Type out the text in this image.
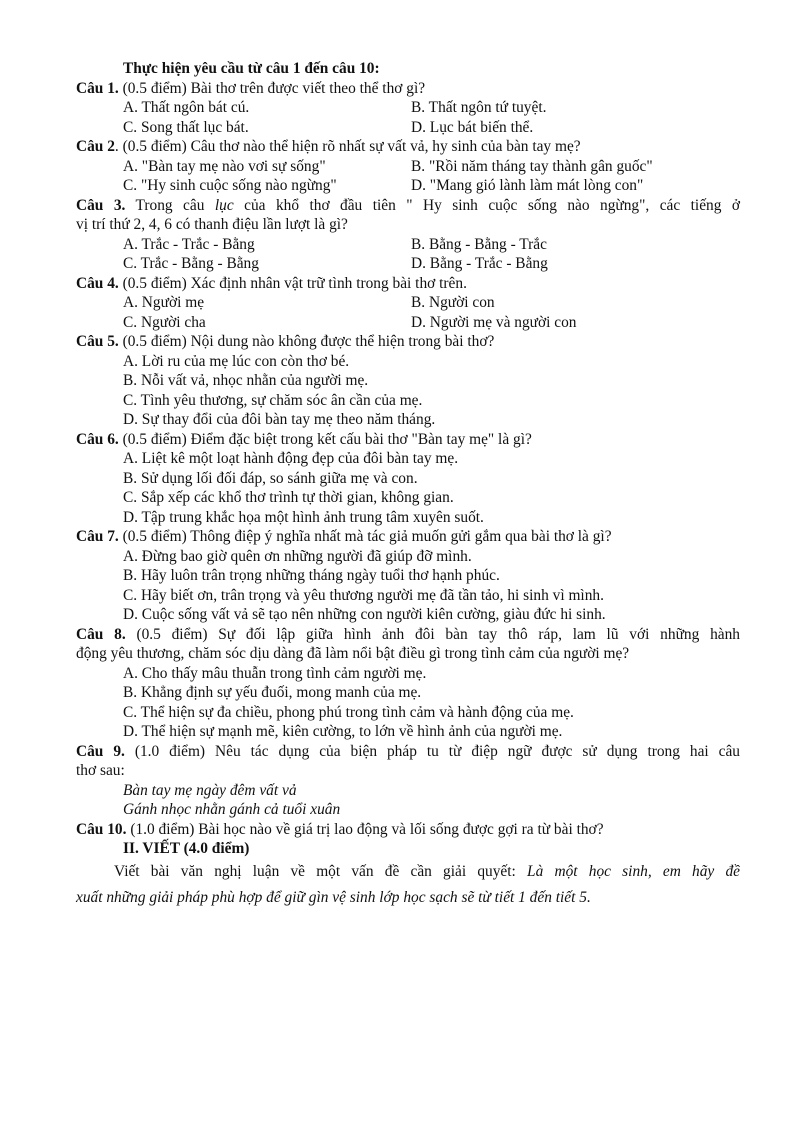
Thực hiện yêu cầu từ câu 1 đến câu 10:
Câu 1. (0.5 điểm) Bài thơ trên được viết theo thể thơ gì?
A. Thất ngôn bát cú.	B. Thất ngôn tứ tuyệt.
C. Song thất lục bát.	D. Lục bát biến thể.
Câu 2. (0.5 điểm) Câu thơ nào thể hiện rõ nhất sự vất vả, hy sinh của bàn tay mẹ?
A. "Bàn tay mẹ nào vơi sự sống"	B. "Rồi năm tháng tay thành gân guốc"
C. "Hy sinh cuộc sống nào ngừng"	D. "Mang gió lành làm mát lòng con"
Câu 3. Trong câu lục của khổ thơ đầu tiên " Hy sinh cuộc sống nào ngừng", các tiếng ở
vị trí thứ 2, 4, 6 có thanh điệu lần lượt là gì?
A. Trắc - Trắc - Bằng	B. Bằng - Bằng - Trắc
C. Trắc - Bằng - Bằng	D. Bằng - Trắc - Bằng
Câu 4. (0.5 điểm) Xác định nhân vật trữ tình trong bài thơ trên.
A. Người mẹ	B. Người con
C. Người cha	D. Người mẹ và người con
Câu 5. (0.5 điểm) Nội dung nào không được thể hiện trong bài thơ?
A. Lời ru của mẹ lúc con còn thơ bé.
B. Nỗi vất vả, nhọc nhằn của người mẹ.
C. Tình yêu thương, sự chăm sóc ân cần của mẹ.
D. Sự thay đổi của đôi bàn tay mẹ theo năm tháng.
Câu 6. (0.5 điểm) Điểm đặc biệt trong kết cấu bài thơ "Bàn tay mẹ" là gì?
A. Liệt kê một loạt hành động đẹp của đôi bàn tay mẹ.
B. Sử dụng lối đối đáp, so sánh giữa mẹ và con.
C. Sắp xếp các khổ thơ trình tự thời gian, không gian.
D. Tập trung khắc họa một hình ảnh trung tâm xuyên suốt.
Câu 7. (0.5 điểm) Thông điệp ý nghĩa nhất mà tác giả muốn gửi gắm qua bài thơ là gì?
A. Đừng bao giờ quên ơn những người đã giúp đỡ mình.
B. Hãy luôn trân trọng những tháng ngày tuổi thơ hạnh phúc.
C. Hãy biết ơn, trân trọng và yêu thương người mẹ đã tần tảo, hi sinh vì mình.
D. Cuộc sống vất vả sẽ tạo nên những con người kiên cường, giàu đức hi sinh.
Câu 8. (0.5 điểm) Sự đối lập giữa hình ảnh đôi bàn tay thô ráp, lam lũ với những hành
động yêu thương, chăm sóc dịu dàng đã làm nổi bật điều gì trong tình cảm của người mẹ?
A. Cho thấy mâu thuẫn trong tình cảm người mẹ.
B. Khẳng định sự yếu đuối, mong manh của mẹ.
C. Thể hiện sự đa chiều, phong phú trong tình cảm và hành động của mẹ.
D. Thể hiện sự mạnh mẽ, kiên cường, to lớn về hình ảnh của người mẹ.
Câu 9. (1.0 điểm) Nêu tác dụng của biện pháp tu từ điệp ngữ được sử dụng trong hai câu
thơ sau:
Bàn tay mẹ ngày đêm vất vả
Gánh nhọc nhằn gánh cả tuổi xuân
Câu 10. (1.0 điểm) Bài học nào về giá trị lao động và lối sống được gợi ra từ bài thơ?
II. VIẾT (4.0 điểm)
Viết bài văn nghị luận về một vấn đề cần giải quyết: Là một học sinh, em hãy đề
xuất những giải pháp phù hợp để giữ gìn vệ sinh lớp học sạch sẽ từ tiết 1 đến tiết 5.
